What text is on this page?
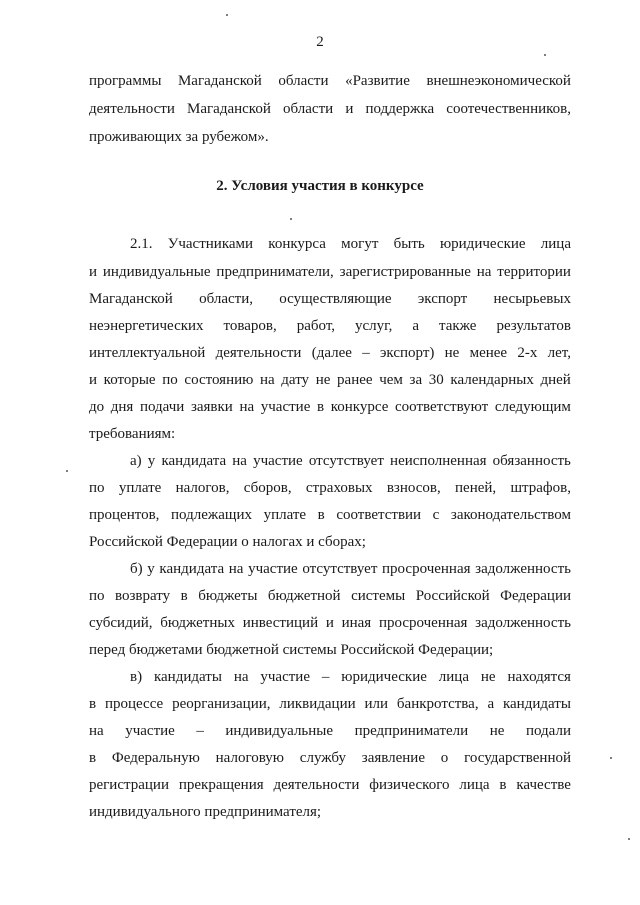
2
программы Магаданской области «Развитие внешнеэкономической
деятельности Магаданской области и поддержка соотечественников,
проживающих за рубежом».
2. Условия участия в конкурсе
2.1. Участниками конкурса могут быть юридические лица
и индивидуальные предприниматели, зарегистрированные на территории
Магаданской области, осуществляющие экспорт несырьевых
неэнергетических товаров, работ, услуг, а также результатов
интеллектуальной деятельности (далее – экспорт) не менее 2-х лет,
и которые по состоянию на дату не ранее чем за 30 календарных дней
до дня подачи заявки на участие в конкурсе соответствуют следующим
требованиям:
а) у кандидата на участие отсутствует неисполненная обязанность
по уплате налогов, сборов, страховых взносов, пеней, штрафов,
процентов, подлежащих уплате в соответствии с законодательством
Российской Федерации о налогах и сборах;
б) у кандидата на участие отсутствует просроченная задолженность
по возврату в бюджеты бюджетной системы Российской Федерации
субсидий, бюджетных инвестиций и иная просроченная задолженность
перед бюджетами бюджетной системы Российской Федерации;
в) кандидаты на участие – юридические лица не находятся
в процессе реорганизации, ликвидации или банкротства, а кандидаты
на участие – индивидуальные предприниматели не подали
в Федеральную налоговую службу заявление о государственной
регистрации прекращения деятельности физического лица в качестве
индивидуального предпринимателя;
